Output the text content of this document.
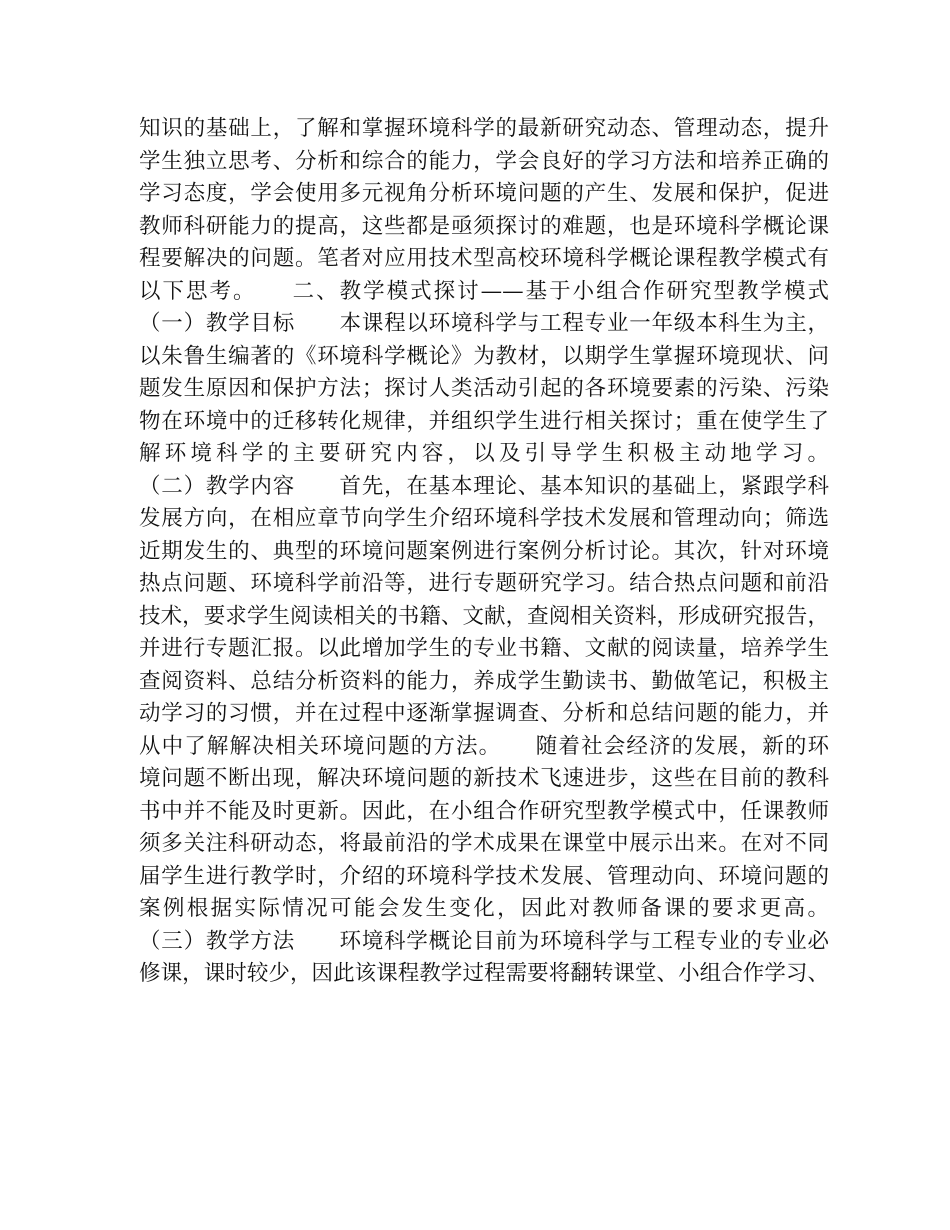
知识的基础上，了解和掌握环境科学的最新研究动态、管理动态，提升
学生独立思考、分析和综合的能力，学会良好的学习方法和培养正确的
学习态度，学会使用多元视角分析环境问题的产生、发展和保护，促进
教师科研能力的提高，这些都是亟须探讨的难题，也是环境科学概论课
程要解决的问题。笔者对应用技术型高校环境科学概论课程教学模式有
以下思考。　　二、教学模式探讨——基于小组合作研究型教学模式
（一）教学目标　　本课程以环境科学与工程专业一年级本科生为主，
以朱鲁生编著的《环境科学概论》为教材，以期学生掌握环境现状、问
题发生原因和保护方法；探讨人类活动引起的各环境要素的污染、污染
物在环境中的迁移转化规律，并组织学生进行相关探讨；重在使学生了
解环境科学的主要研究内容，以及引导学生积极主动地学习。
（二）教学内容　　首先，在基本理论、基本知识的基础上，紧跟学科
发展方向，在相应章节向学生介绍环境科学技术发展和管理动向；筛选
近期发生的、典型的环境问题案例进行案例分析讨论。其次，针对环境
热点问题、环境科学前沿等，进行专题研究学习。结合热点问题和前沿
技术，要求学生阅读相关的书籍、文献，查阅相关资料，形成研究报告，
并进行专题汇报。以此增加学生的专业书籍、文献的阅读量，培养学生
查阅资料、总结分析资料的能力，养成学生勤读书、勤做笔记，积极主
动学习的习惯，并在过程中逐渐掌握调查、分析和总结问题的能力，并
从中了解解决相关环境问题的方法。　　随着社会经济的发展，新的环
境问题不断出现，解决环境问题的新技术飞速进步，这些在目前的教科
书中并不能及时更新。因此，在小组合作研究型教学模式中，任课教师
须多关注科研动态，将最前沿的学术成果在课堂中展示出来。在对不同
届学生进行教学时，介绍的环境科学技术发展、管理动向、环境问题的
案例根据实际情况可能会发生变化，因此对教师备课的要求更高。
（三）教学方法　　环境科学概论目前为环境科学与工程专业的专业必
修课，课时较少，因此该课程教学过程需要将翻转课堂、小组合作学习、
